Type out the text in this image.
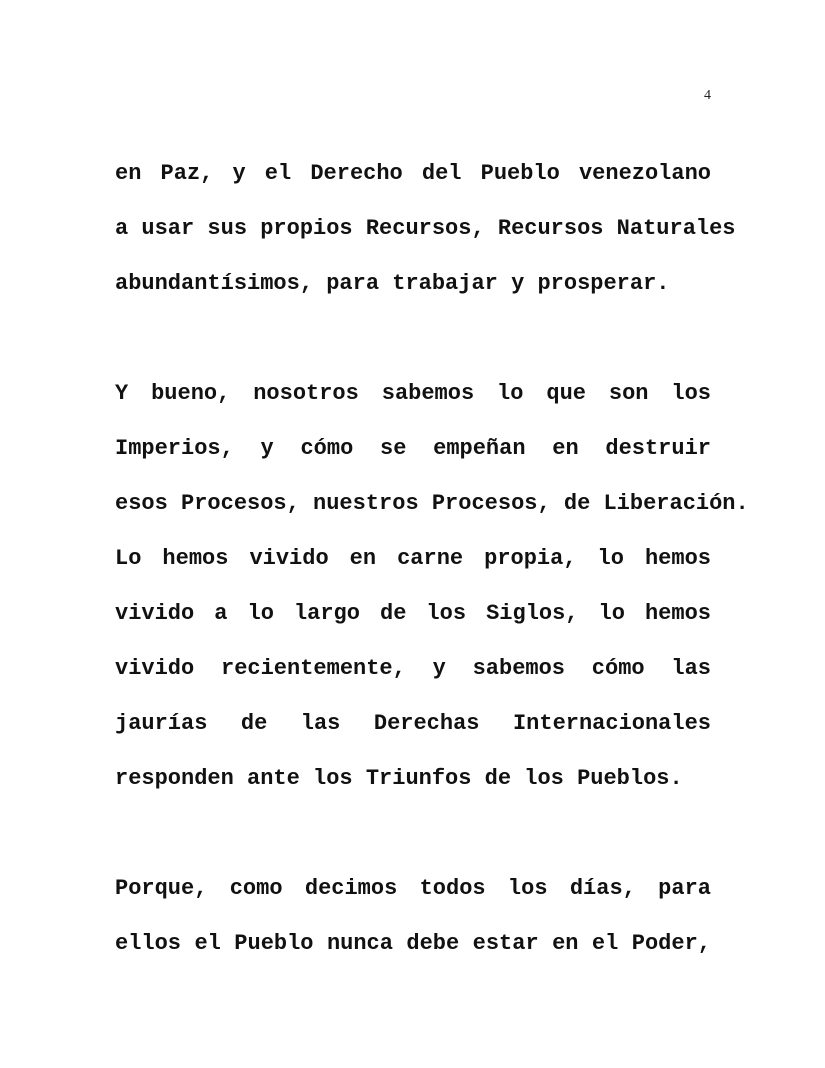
4
en Paz, y el Derecho del Pueblo venezolano
a usar sus propios Recursos, Recursos Naturales
abundantísimos, para trabajar y prosperar.
Y bueno, nosotros sabemos lo que son los
Imperios, y cómo se empeñan en destruir
esos Procesos, nuestros Procesos, de Liberación.
Lo hemos vivido en carne propia, lo hemos
vivido a lo largo de los Siglos, lo hemos
vivido recientemente, y sabemos cómo las
jaurías de las Derechas Internacionales
responden ante los Triunfos de los Pueblos.
Porque, como decimos todos los días, para
ellos el Pueblo nunca debe estar en el Poder,
